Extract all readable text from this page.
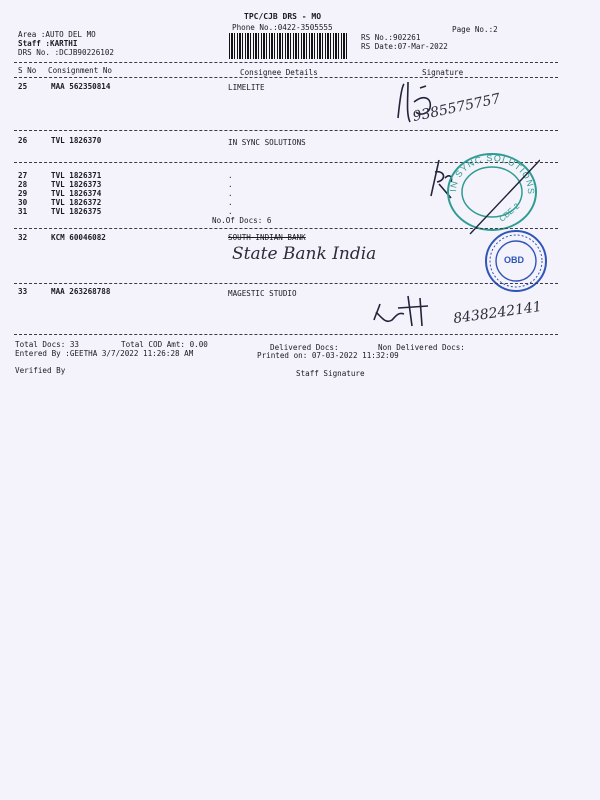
TPC/CJB DRS - MO
Phone No.:0422-3505555
Area :AUTO DEL MO
Staff :KARTHI
DRS No. :DCJB90226102
Page No.:2
RS No.:902261
RS Date:07-Mar-2022
S No Consignment No	Consignee Details	Signature
25	MAA 562350814	LIMELITE
9385575757
26	TVL 1826370	IN SYNC SOLUTIONS
27	TVL 1826371	.
28	TVL 1826373	.
29	TVL 1826374	.
30	TVL 1826372	.
31	TVL 1826375	.
No.Of Docs: 6
IN SYNC SOLUTIONS
CBE-2
32	KCM 60046082	SOUTH INDIAN BANK
State Bank India	OBD
33	MAA 263268788	MAGESTIC STUDIO
8438242141
Total Docs: 33	Total COD Amt: 0.00	Delivered Docs:	Non Delivered Docs:
Entered By :GEETHA 3/7/2022 11:26:28 AM	Printed on: 07-03-2022 11:32:09
Verified By	Staff Signature
